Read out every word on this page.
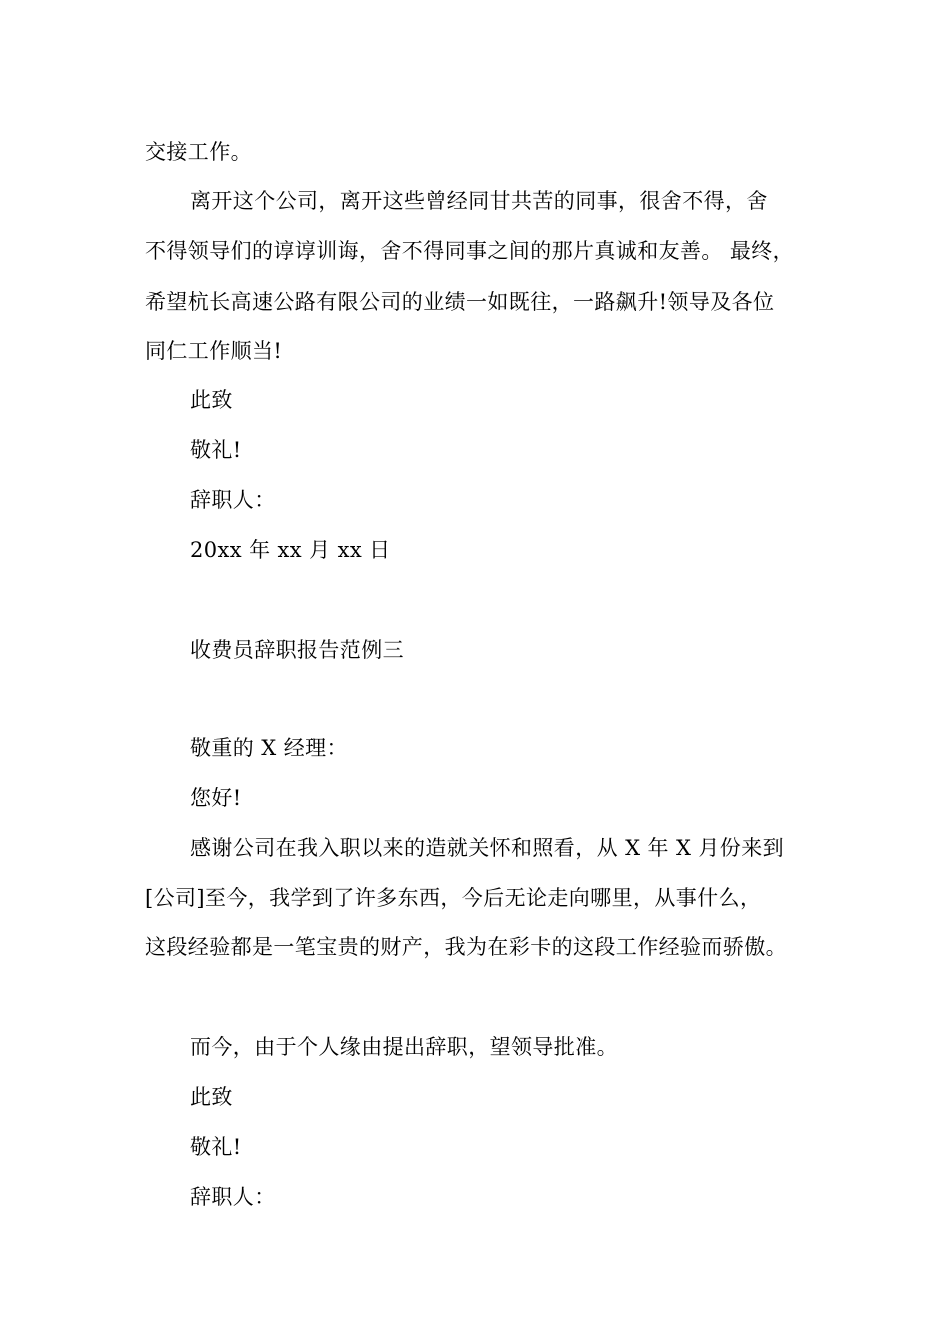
交接工作。
离开这个公司，离开这些曾经同甘共苦的同事，很舍不得，舍
不得领导们的谆谆训诲，舍不得同事之间的那片真诚和友善。 最终，
希望杭长高速公路有限公司的业绩一如既往，一路飙升!领导及各位
同仁工作顺当!
此致
敬礼!
辞职人：
20xx 年 xx 月 xx 日
收费员辞职报告范例三
敬重的 X 经理：
您好!
感谢公司在我入职以来的造就关怀和照看，从 X 年 X 月份来到
[公司]至今，我学到了许多东西，今后无论走向哪里，从事什么，
这段经验都是一笔宝贵的财产，我为在彩卡的这段工作经验而骄傲。
而今，由于个人缘由提出辞职，望领导批准。
此致
敬礼!
辞职人：
